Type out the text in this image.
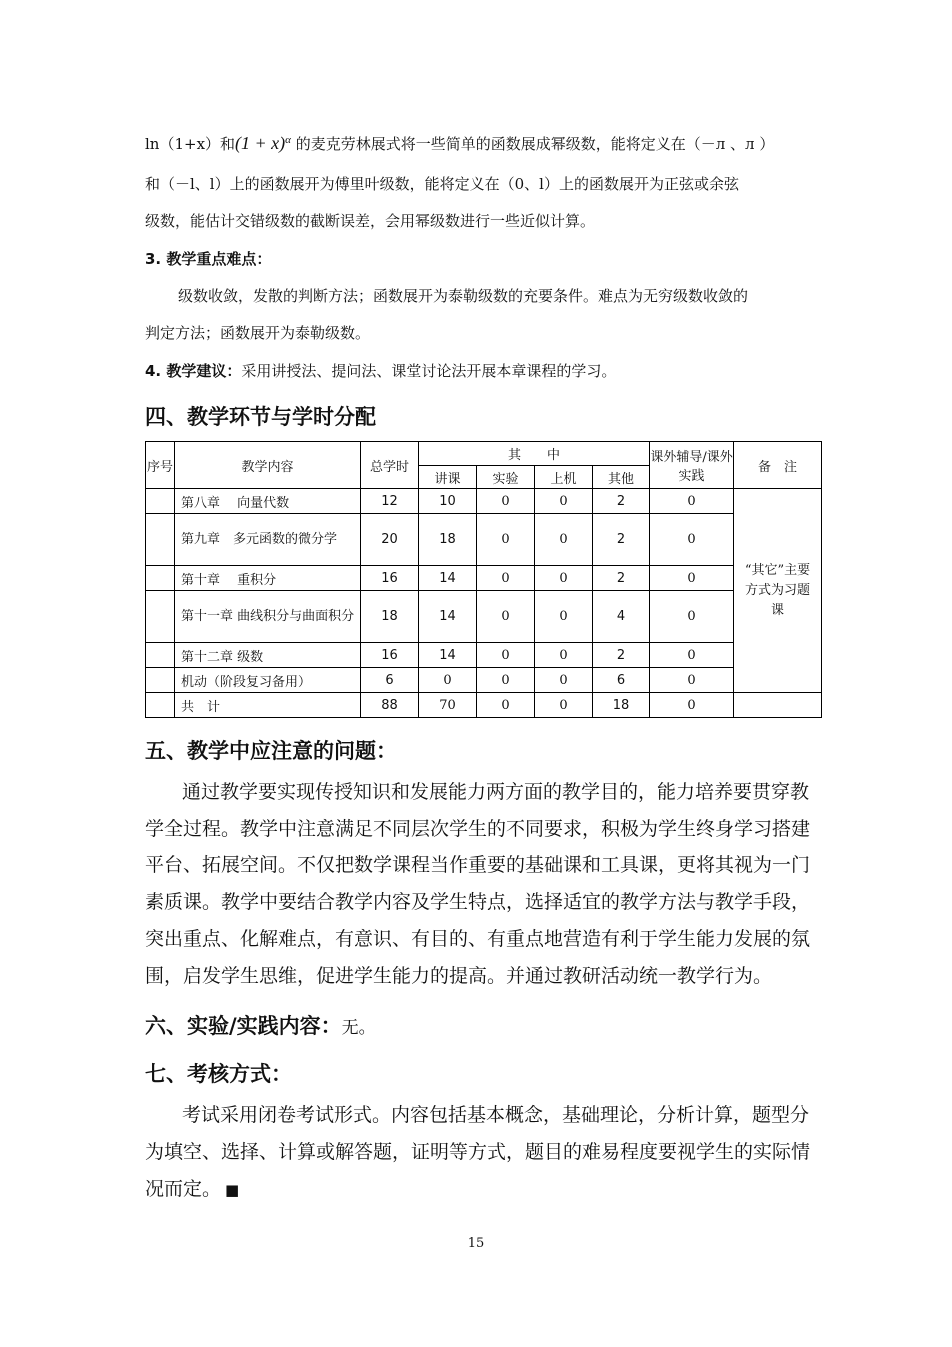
ln（1+x）和$(1 + x)^\alpha$ 的麦克劳林展式将一些简单的函数展成幂级数，能将定义在（－л 、л ）
和（－l、l）上的函数展开为傅里叶级数，能将定义在（0、l）上的函数展开为正弦或余弦
级数，能估计交错级数的截断误差，会用幂级数进行一些近似计算。
3. 教学重点难点：
级数收敛，发散的判断方法；函数展开为泰勒级数的充要条件。难点为无穷级数收敛的
判定方法；函数展开为泰勒级数。
4. 教学建议：采用讲授法、提问法、课堂讨论法开展本章课程的学习。
四、教学环节与学时分配
序号	教学内容	总学时	其　　中				课外辅导/课外实践	备　注
			讲课	实验	上机	其他		
	第八章　 向量代数	12	10	0	0	2	0	“其它”主要方式为习题课
	第九章　多元函数的微分学	20	18	0	0	2	0	
	第十章　 重积分	16	14	0	0	2	0	
	第十一章 曲线积分与曲面积分	18	14	0	0	4	0	
	第十二章 级数	16	14	0	0	2	0	
	机动（阶段复习备用）	6	0	0	0	6	0	
	共　计	88	70	0	0	18	0	
五、教学中应注意的问题：
通过教学要实现传授知识和发展能力两方面的教学目的，能力培养要贯穿教
学全过程。教学中注意满足不同层次学生的不同要求，积极为学生终身学习搭建
平台、拓展空间。不仅把数学课程当作重要的基础课和工具课，更将其视为一门
素质课。教学中要结合教学内容及学生特点，选择适宜的教学方法与教学手段，
突出重点、化解难点，有意识、有目的、有重点地营造有利于学生能力发展的氛
围，启发学生思维，促进学生能力的提高。并通过教研活动统一教学行为。
六、实验/实践内容：无。
七、考核方式：
考试采用闭卷考试形式。内容包括基本概念，基础理论，分析计算，题型分
为填空、选择、计算或解答题，证明等方式，题目的难易程度要视学生的实际情
况而定。 ■
15
